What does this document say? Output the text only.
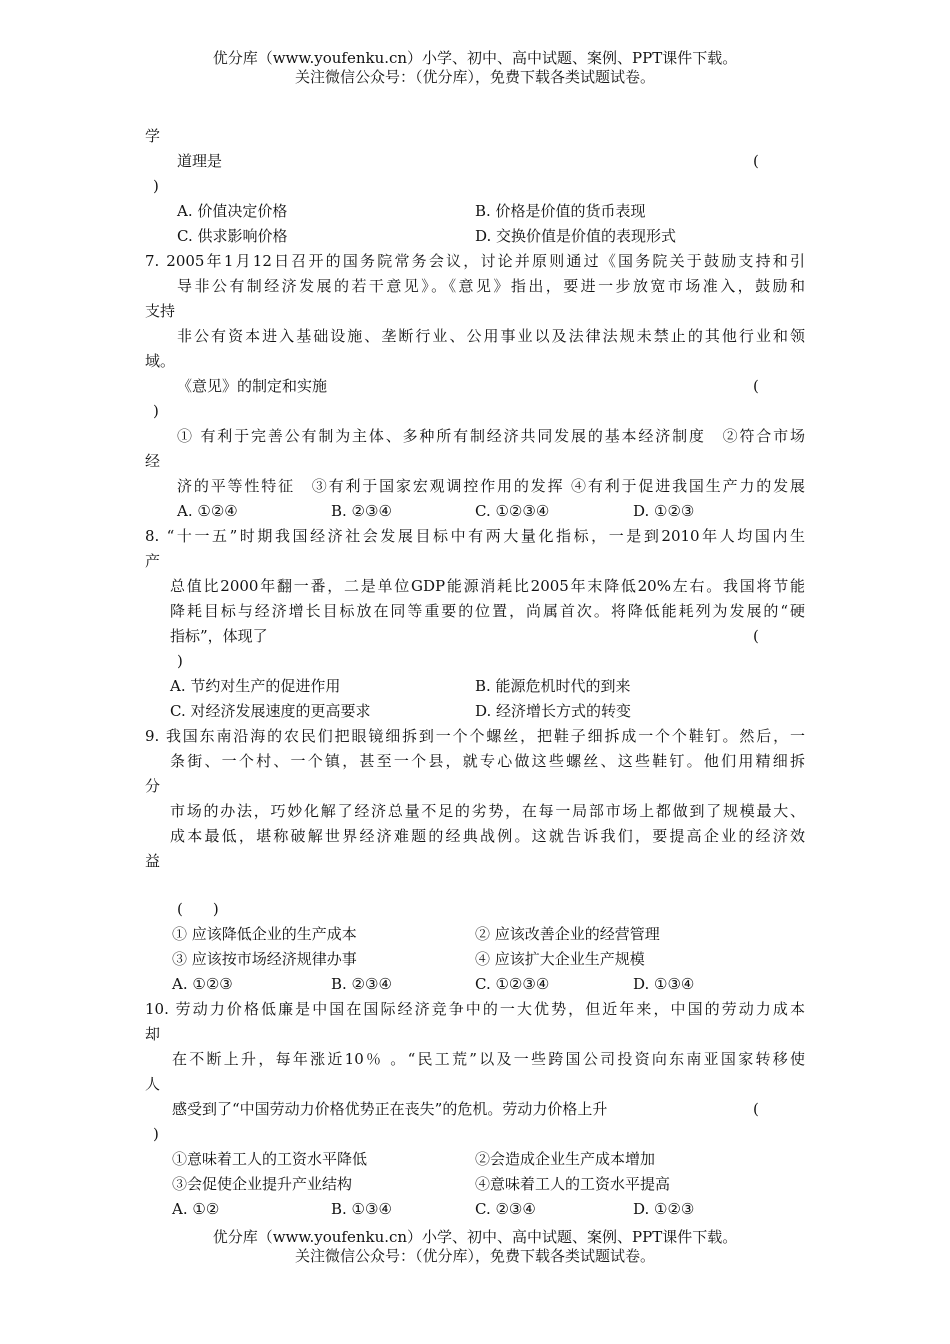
优分库（www.youfenku.cn）小学、初中、高中试题、案例、PPT课件下载。
关注微信公众号：（优分库），免费下载各类试题试卷。
学
道理是	(
)
A. 价值决定价格	B. 价格是价值的货币表现
C. 供求影响价格	D. 交换价值是价值的表现形式
7. 2005年1月12日召开的国务院常务会议，讨论并原则通过《国务院关于鼓励支持和引
导非公有制经济发展的若干意见》。《意见》指出，要进一步放宽市场准入，鼓励和
支持
非公有资本进入基础设施、垄断行业、公用事业以及法律法规未禁止的其他行业和领
域。
《意见》的制定和实施	(
)
① 有利于完善公有制为主体、多种所有制经济共同发展的基本经济制度　②符合市场
经
济的平等性特征　③有利于国家宏观调控作用的发挥 ④有利于促进我国生产力的发展
A. ①②④	B. ②③④	C. ①②③④	D. ①②③
8. “十一五”时期我国经济社会发展目标中有两大量化指标，一是到2010年人均国内生
产
总值比2000年翻一番，二是单位GDP能源消耗比2005年末降低20%左右。我国将节能
降耗目标与经济增长目标放在同等重要的位置，尚属首次。将降低能耗列为发展的“硬
指标”，体现了	(
)
A. 节约对生产的促进作用	B. 能源危机时代的到来
C. 对经济发展速度的更高要求	D. 经济增长方式的转变
9. 我国东南沿海的农民们把眼镜细拆到一个个螺丝，把鞋子细拆成一个个鞋钉。然后，一
条街、一个村、一个镇，甚至一个县，就专心做这些螺丝、这些鞋钉。他们用精细拆
分
市场的办法，巧妙化解了经济总量不足的劣势，在每一局部市场上都做到了规模最大、
成本最低，堪称破解世界经济难题的经典战例。这就告诉我们，要提高企业的经济效
益
(　　)
① 应该降低企业的生产成本	② 应该改善企业的经营管理
③ 应该按市场经济规律办事	④ 应该扩大企业生产规模
A. ①②③	B. ②③④	C. ①②③④	D. ①③④
10. 劳动力价格低廉是中国在国际经济竞争中的一大优势，但近年来，中国的劳动力成本
却
在不断上升，每年涨近10％ 。“民工荒”以及一些跨国公司投资向东南亚国家转移使
人
感受到了“中国劳动力价格优势正在丧失”的危机。劳动力价格上升	(
)
①意味着工人的工资水平降低	②会造成企业生产成本增加
③会促使企业提升产业结构	④意味着工人的工资水平提高
A. ①②	B. ①③④	C. ②③④	D. ①②③
优分库（www.youfenku.cn）小学、初中、高中试题、案例、PPT课件下载。
关注微信公众号：（优分库），免费下载各类试题试卷。
